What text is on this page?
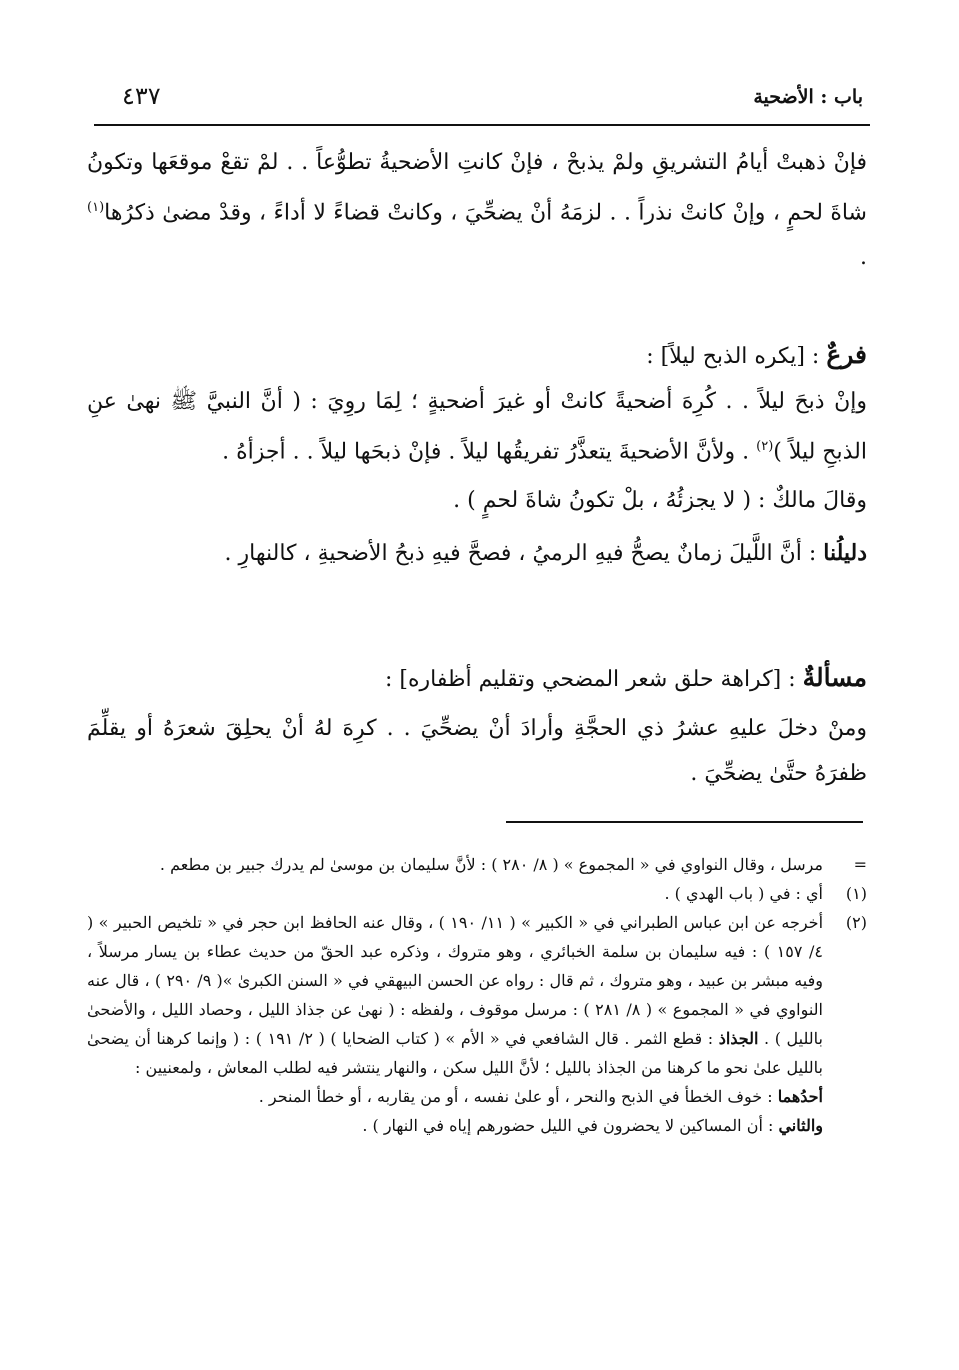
باب : الأضحية
٤٣٧

فإنْ ذهبتْ أيامُ التشريقِ ولمْ يذبحْ ، فإنْ كانتِ الأضحيةُ تطوُّعاً . . لمْ تقعْ موقعَها وتكونُ شاةَ لحمٍ ، وإنْ كانتْ نذراً . . لزمَهُ أنْ يضحِّيَ ، وكانتْ قضاءً لا أداءً ، وقدْ مضىٰ ذكرُها$^{(١)}$ .

فرعٌ : [يكره الذبح ليلاً] :

وإنْ ذبحَ ليلاً . . كُرِهَ أضحيةً كانتْ أو غيرَ أضحيةٍ ؛ لِمَا روِيَ : ( أنَّ النبيَّ ﷺ نهىٰ عنِ الذبحِ ليلاً )$^{(٢)}$ . ولأنَّ الأضحيةَ يتعذَّرُ تفريقُها ليلاً . فإنْ ذبحَها ليلاً . . أجزأهُ .

وقالَ مالكٌ : ( لا يجزئُهُ ، بلْ تكونُ شاةَ لحمٍ ) .

دليلُنا : أنَّ اللَّيلَ زمانٌ يصحُّ فيهِ الرميُ ، فصحَّ فيهِ ذبحُ الأضحيةِ ، كالنهارِ .

مسألةٌ : [كراهة حلق شعر المضحي وتقليم أظفاره] :

ومنْ دخلَ عليهِ عشرُ ذي الحجَّةِ وأرادَ أنْ يضحِّيَ . . كرِهَ لهُ أنْ يحلِقَ شعرَهُ أو يقلِّمَ ظفرَهُ حتَّىٰ يضحِّيَ .

=
مرسل ، وقال النواوي في « المجموع » ( ٨/ ٢٨٠ ) : لأنَّ سليمان بن موسىٰ لم يدرك جبير بن مطعم .
(١)
أي : في ( باب الهدي ) .
(٢)
أخرجه عن ابن عباس الطبراني في « الكبير » ( ١١/ ١٩٠ ) ، وقال عنه الحافظ ابن حجر في « تلخيص الحبير » ( ٤/ ١٥٧ ) : فيه سليمان بن سلمة الخبائري ، وهو متروك ، وذكره عبد الحقّ من حديث عطاء بن يسار مرسلاً ، وفيه مبشر بن عبيد ، وهو متروك ، ثم قال : رواه عن الحسن البيهقي في « السنن الكبرىٰ »( ٩/ ٢٩٠ ) ، قال عنه النواوي في « المجموع » ( ٨/ ٢٨١ ) : مرسل موقوف ، ولفظه : ( نهىٰ عن جذاذ الليل ، وحصاد الليل ، والأضحىٰ بالليل ) . الجذاذ : قطع الثمر . قال الشافعي في « الأم » ( كتاب الضحايا ) ( ٢/ ١٩١ ) : ( وإنما كرهنا أن يضحىٰ بالليل علىٰ نحو ما كرهنا من الجذاذ بالليل ؛ لأنَّ الليل سكن ، والنهار ينتشر فيه لطلب المعاش ، ولمعنيين :
أحدُهما : خوف الخطأ في الذبح والنحر ، أو علىٰ نفسه ، أو من يقاربه ، أو خطأ المنحر .
والثاني : أن المساكين لا يحضرون في الليل حضورهم إياه في النهار ) .
